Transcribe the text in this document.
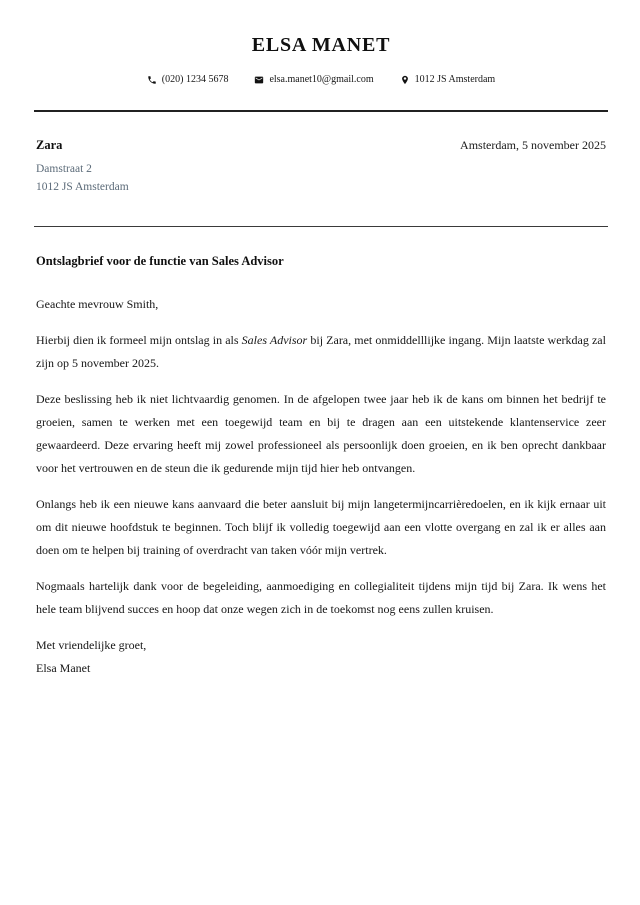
ELSA MANET
(020) 1234 5678	elsa.manet10@gmail.com	1012 JS Amsterdam
Zara	Amsterdam, 5 november 2025
Damstraat 2
1012 JS Amsterdam
Ontslagbrief voor de functie van Sales Advisor

Geachte mevrouw Smith,

Hierbij dien ik formeel mijn ontslag in als Sales Advisor bij Zara, met onmiddelllijke ingang. Mijn laatste werkdag zal zijn op 5 november 2025.

Deze beslissing heb ik niet lichtvaardig genomen. In de afgelopen twee jaar heb ik de kans om binnen het bedrijf te groeien, samen te werken met een toegewijd team en bij te dragen aan een uitstekende klantenservice zeer gewaardeerd. Deze ervaring heeft mij zowel professioneel als persoonlijk doen groeien, en ik ben oprecht dankbaar voor het vertrouwen en de steun die ik gedurende mijn tijd hier heb ontvangen.

Onlangs heb ik een nieuwe kans aanvaard die beter aansluit bij mijn langetermijncarrièredoelen, en ik kijk ernaar uit om dit nieuwe hoofdstuk te beginnen. Toch blijf ik volledig toegewijd aan een vlotte overgang en zal ik er alles aan doen om te helpen bij training of overdracht van taken vóór mijn vertrek.

Nogmaals hartelijk dank voor de begeleiding, aanmoediging en collegialiteit tijdens mijn tijd bij Zara. Ik wens het hele team blijvend succes en hoop dat onze wegen zich in de toekomst nog eens zullen kruisen.

Met vriendelijke groet,
Elsa Manet
